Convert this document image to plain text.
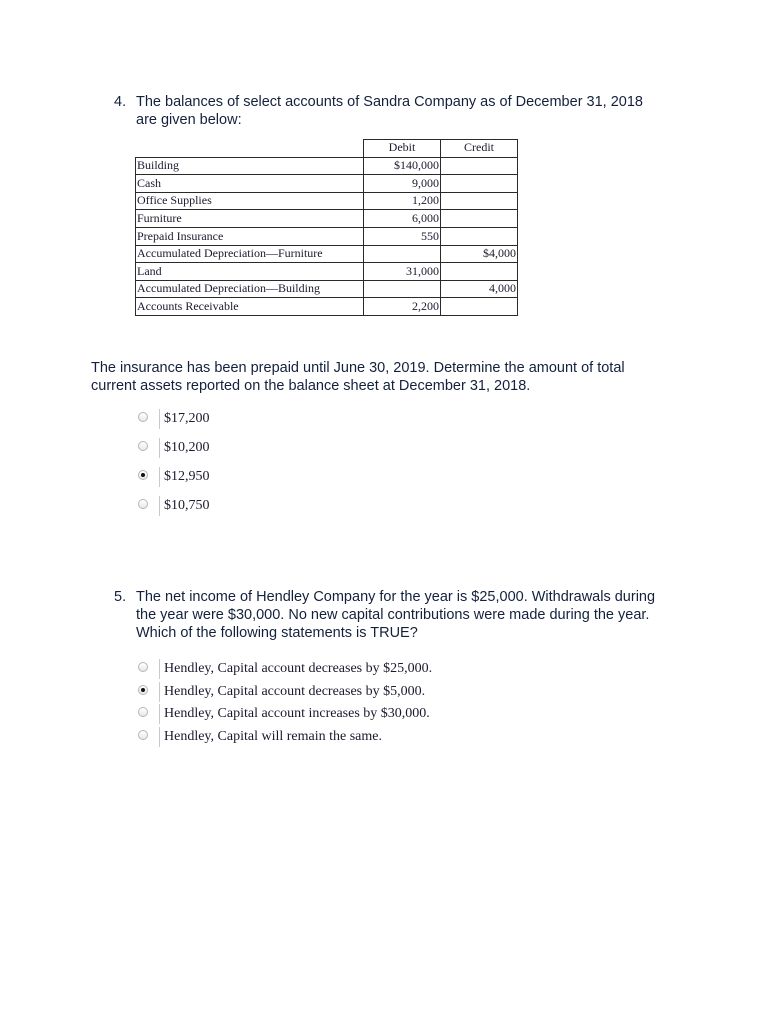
4. The balances of select accounts of Sandra Company as of December 31, 2018
are given below:
	Debit	Credit
Building	$140,000	
Cash	9,000	
Office Supplies	1,200	
Furniture	6,000	
Prepaid Insurance	550	
Accumulated Depreciation—Furniture		$4,000
Land	31,000	
Accumulated Depreciation—Building		4,000
Accounts Receivable	2,200	
The insurance has been prepaid until June 30, 2019. Determine the amount of total
current assets reported on the balance sheet at December 31, 2018.
$17,200
$10,200
$12,950
$10,750
5. The net income of Hendley Company for the year is $25,000. Withdrawals during
the year were $30,000. No new capital contributions were made during the year.
Which of the following statements is TRUE?
Hendley, Capital account decreases by $25,000.
Hendley, Capital account decreases by $5,000.
Hendley, Capital account increases by $30,000.
Hendley, Capital will remain the same.
